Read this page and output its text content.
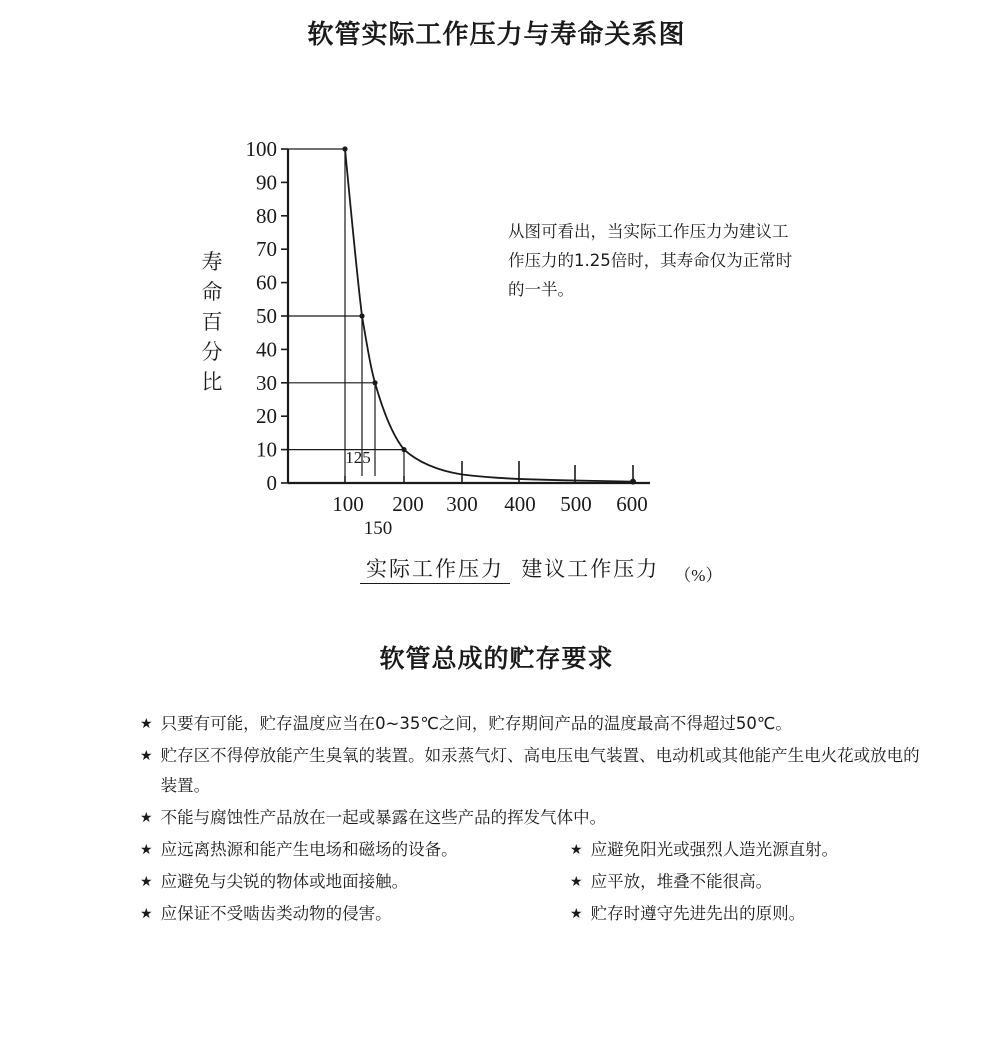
软管实际工作压力与寿命关系图
0
10
20
30
40
50
60
70
80
90
100
100 200 300 400 500 600
150
125
寿
命
百
分
比
从图可看出，当实际工作压力为建议工作压力的1.25倍时，其寿命仅为正常时的一半。
实际工作压力 建议工作压力 （%）
软管总成的贮存要求
★ 只要有可能，贮存温度应当在0~35℃之间，贮存期间产品的温度最高不得超过50℃。
★ 贮存区不得停放能产生臭氧的装置。如汞蒸气灯、高电压电气装置、电动机或其他能产生电火花或放电的装置。
★ 不能与腐蚀性产品放在一起或暴露在这些产品的挥发气体中。
★ 应远离热源和能产生电场和磁场的设备。
★ 应避免与尖锐的物体或地面接触。
★ 应保证不受啮齿类动物的侵害。
★ 应避免阳光或强烈人造光源直射。
★ 应平放，堆叠不能很高。
★ 贮存时遵守先进先出的原则。
